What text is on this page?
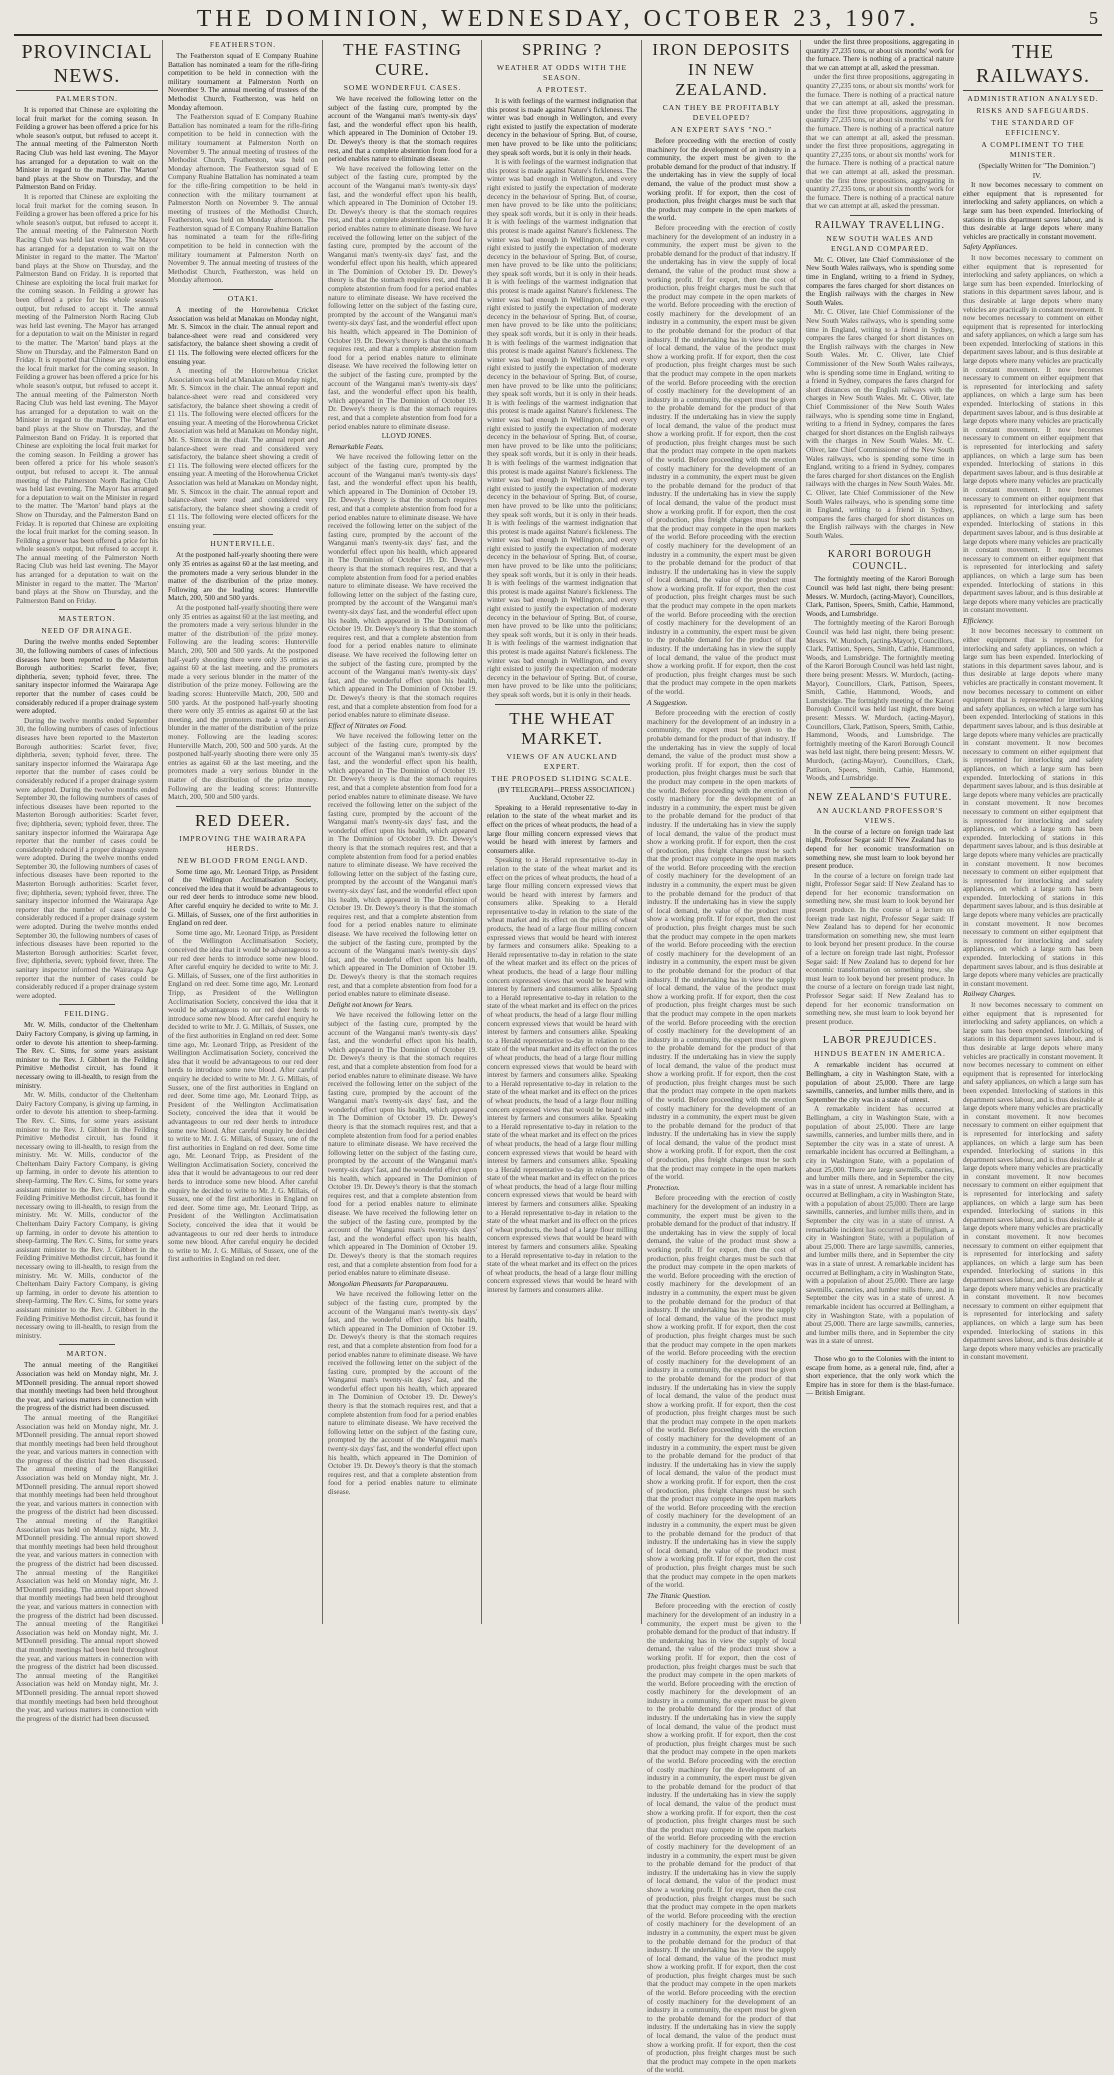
THE DOMINION, WEDNESDAY, OCTOBER 23, 1907.	5
PROVINCIAL NEWS.
PALMERSTON.

It is reported that Chinese are exploiting the local fruit market for the coming season. In Feilding a grower has been offered a price for his whole season's output, but refused to accept it. The annual meeting of the Palmerston North Racing Club was held last evening. The Mayor has arranged for a deputation to wait on the Minister in regard to the matter. The 'Marton' band plays at the Show on Thursday, and the Palmerston Band on Friday.

It is reported that Chinese are exploiting the local fruit market for the coming season. In Feilding a grower has been offered a price for his whole season's output, but refused to accept it. The annual meeting of the Palmerston North Racing Club was held last evening. The Mayor has arranged for a deputation to wait on the Minister in regard to the matter. The 'Marton' band plays at the Show on Thursday, and the Palmerston Band on Friday. It is reported that Chinese are exploiting the local fruit market for the coming season. In Feilding a grower has been offered a price for his whole season's output, but refused to accept it. The annual meeting of the Palmerston North Racing Club was held last evening. The Mayor has arranged for a deputation to wait on the Minister in regard to the matter. The 'Marton' band plays at the Show on Thursday, and the Palmerston Band on Friday. It is reported that Chinese are exploiting the local fruit market for the coming season. In Feilding a grower has been offered a price for his whole season's output, but refused to accept it. The annual meeting of the Palmerston North Racing Club was held last evening. The Mayor has arranged for a deputation to wait on the Minister in regard to the matter. The 'Marton' band plays at the Show on Thursday, and the Palmerston Band on Friday. It is reported that Chinese are exploiting the local fruit market for the coming season. In Feilding a grower has been offered a price for his whole season's output, but refused to accept it. The annual meeting of the Palmerston North Racing Club was held last evening. The Mayor has arranged for a deputation to wait on the Minister in regard to the matter. The 'Marton' band plays at the Show on Thursday, and the Palmerston Band on Friday. It is reported that Chinese are exploiting the local fruit market for the coming season. In Feilding a grower has been offered a price for his whole season's output, but refused to accept it. The annual meeting of the Palmerston North Racing Club was held last evening. The Mayor has arranged for a deputation to wait on the Minister in regard to the matter. The 'Marton' band plays at the Show on Thursday, and the Palmerston Band on Friday.

MASTERTON.
NEED OF DRAINAGE.

During the twelve months ended September 30, the following numbers of cases of infectious diseases have been reported to the Masterton Borough authorities: Scarlet fever, five; diphtheria, seven; typhoid fever, three. The sanitary inspector informed the Wairarapa Age reporter that the number of cases could be considerably reduced if a proper drainage system were adopted.

During the twelve months ended September 30, the following numbers of cases of infectious diseases have been reported to the Masterton Borough authorities: Scarlet fever, five; diphtheria, seven; typhoid fever, three. The sanitary inspector informed the Wairarapa Age reporter that the number of cases could be considerably reduced if a proper drainage system were adopted. During the twelve months ended September 30, the following numbers of cases of infectious diseases have been reported to the Masterton Borough authorities: Scarlet fever, five; diphtheria, seven; typhoid fever, three. The sanitary inspector informed the Wairarapa Age reporter that the number of cases could be considerably reduced if a proper drainage system were adopted. During the twelve months ended September 30, the following numbers of cases of infectious diseases have been reported to the Masterton Borough authorities: Scarlet fever, five; diphtheria, seven; typhoid fever, three. The sanitary inspector informed the Wairarapa Age reporter that the number of cases could be considerably reduced if a proper drainage system were adopted. During the twelve months ended September 30, the following numbers of cases of infectious diseases have been reported to the Masterton Borough authorities: Scarlet fever, five; diphtheria, seven; typhoid fever, three. The sanitary inspector informed the Wairarapa Age reporter that the number of cases could be considerably reduced if a proper drainage system were adopted.

FEILDING.

Mr. W. Mills, conductor of the Cheltenham Dairy Factory Company, is giving up farming, in order to devote his attention to sheep-farming. The Rev. C. Sims, for some years assistant minister to the Rev. J. Gibbert in the Feilding Primitive Methodist circuit, has found it necessary owing to ill-health, to resign from the ministry.

Mr. W. Mills, conductor of the Cheltenham Dairy Factory Company, is giving up farming, in order to devote his attention to sheep-farming. The Rev. C. Sims, for some years assistant minister to the Rev. J. Gibbert in the Feilding Primitive Methodist circuit, has found it necessary owing to ill-health, to resign from the ministry. Mr. W. Mills, conductor of the Cheltenham Dairy Factory Company, is giving up farming, in order to devote his attention to sheep-farming. The Rev. C. Sims, for some years assistant minister to the Rev. J. Gibbert in the Feilding Primitive Methodist circuit, has found it necessary owing to ill-health, to resign from the ministry. Mr. W. Mills, conductor of the Cheltenham Dairy Factory Company, is giving up farming, in order to devote his attention to sheep-farming. The Rev. C. Sims, for some years assistant minister to the Rev. J. Gibbert in the Feilding Primitive Methodist circuit, has found it necessary owing to ill-health, to resign from the ministry. Mr. W. Mills, conductor of the Cheltenham Dairy Factory Company, is giving up farming, in order to devote his attention to sheep-farming. The Rev. C. Sims, for some years assistant minister to the Rev. J. Gibbert in the Feilding Primitive Methodist circuit, has found it necessary owing to ill-health, to resign from the ministry.

MARTON.

The annual meeting of the Rangitikei Association was held on Monday night, Mr. J. M'Donnell presiding. The annual report showed that monthly meetings had been held throughout the year, and various matters in connection with the progress of the district had been discussed.

The annual meeting of the Rangitikei Association was held on Monday night, Mr. J. M'Donnell presiding. The annual report showed that monthly meetings had been held throughout the year, and various matters in connection with the progress of the district had been discussed. The annual meeting of the Rangitikei Association was held on Monday night, Mr. J. M'Donnell presiding. The annual report showed that monthly meetings had been held throughout the year, and various matters in connection with the progress of the district had been discussed. The annual meeting of the Rangitikei Association was held on Monday night, Mr. J. M'Donnell presiding. The annual report showed that monthly meetings had been held throughout the year, and various matters in connection with the progress of the district had been discussed. The annual meeting of the Rangitikei Association was held on Monday night, Mr. J. M'Donnell presiding. The annual report showed that monthly meetings had been held throughout the year, and various matters in connection with the progress of the district had been discussed. The annual meeting of the Rangitikei Association was held on Monday night, Mr. J. M'Donnell presiding. The annual report showed that monthly meetings had been held throughout the year, and various matters in connection with the progress of the district had been discussed. The annual meeting of the Rangitikei Association was held on Monday night, Mr. J. M'Donnell presiding. The annual report showed that monthly meetings had been held throughout the year, and various matters in connection with the progress of the district had been discussed.

FEATHERSTON.

The Featherston squad of E Company Ruahine Battalion has nominated a team for the rifle-firing competition to be held in connection with the military tournament at Palmerston North on November 9. The annual meeting of trustees of the Methodist Church, Featherston, was held on Monday afternoon.

The Featherston squad of E Company Ruahine Battalion has nominated a team for the rifle-firing competition to be held in connection with the military tournament at Palmerston North on November 9. The annual meeting of trustees of the Methodist Church, Featherston, was held on Monday afternoon. The Featherston squad of E Company Ruahine Battalion has nominated a team for the rifle-firing competition to be held in connection with the military tournament at Palmerston North on November 9. The annual meeting of trustees of the Methodist Church, Featherston, was held on Monday afternoon. The Featherston squad of E Company Ruahine Battalion has nominated a team for the rifle-firing competition to be held in connection with the military tournament at Palmerston North on November 9. The annual meeting of trustees of the Methodist Church, Featherston, was held on Monday afternoon.

OTAKI.

A meeting of the Horowhenua Cricket Association was held at Manakau on Monday night, Mr. S. Simcox in the chair. The annual report and balance-sheet were read and considered very satisfactory, the balance sheet showing a credit of £1 11s. The following were elected officers for the ensuing year.

A meeting of the Horowhenua Cricket Association was held at Manakau on Monday night, Mr. S. Simcox in the chair. The annual report and balance-sheet were read and considered very satisfactory, the balance sheet showing a credit of £1 11s. The following were elected officers for the ensuing year. A meeting of the Horowhenua Cricket Association was held at Manakau on Monday night, Mr. S. Simcox in the chair. The annual report and balance-sheet were read and considered very satisfactory, the balance sheet showing a credit of £1 11s. The following were elected officers for the ensuing year. A meeting of the Horowhenua Cricket Association was held at Manakau on Monday night, Mr. S. Simcox in the chair. The annual report and balance-sheet were read and considered very satisfactory, the balance sheet showing a credit of £1 11s. The following were elected officers for the ensuing year.

HUNTERVILLE.

At the postponed half-yearly shooting there were only 35 entries as against 60 at the last meeting, and the promoters made a very serious blunder in the matter of the distribution of the prize money. Following are the leading scores: Hunterville Match, 200, 500 and 500 yards.

At the postponed half-yearly shooting there were only 35 entries as against 60 at the last meeting, and the promoters made a very serious blunder in the matter of the distribution of the prize money. Following are the leading scores: Hunterville Match, 200, 500 and 500 yards. At the postponed half-yearly shooting there were only 35 entries as against 60 at the last meeting, and the promoters made a very serious blunder in the matter of the distribution of the prize money. Following are the leading scores: Hunterville Match, 200, 500 and 500 yards. At the postponed half-yearly shooting there were only 35 entries as against 60 at the last meeting, and the promoters made a very serious blunder in the matter of the distribution of the prize money. Following are the leading scores: Hunterville Match, 200, 500 and 500 yards. At the postponed half-yearly shooting there were only 35 entries as against 60 at the last meeting, and the promoters made a very serious blunder in the matter of the distribution of the prize money. Following are the leading scores: Hunterville Match, 200, 500 and 500 yards.

RED DEER.
IMPROVING THE WAIRARAPA HERDS.
NEW BLOOD FROM ENGLAND.

Some time ago, Mr. Leonard Tripp, as President of the Wellington Acclimatisation Society, conceived the idea that it would be advantageous to our red deer herds to introduce some new blood. After careful enquiry he decided to write to Mr. J. G. Millais, of Sussex, one of the first authorities in England on red deer.

Some time ago, Mr. Leonard Tripp, as President of the Wellington Acclimatisation Society, conceived the idea that it would be advantageous to our red deer herds to introduce some new blood. After careful enquiry he decided to write to Mr. J. G. Millais, of Sussex, one of the first authorities in England on red deer. Some time ago, Mr. Leonard Tripp, as President of the Wellington Acclimatisation Society, conceived the idea that it would be advantageous to our red deer herds to introduce some new blood. After careful enquiry he decided to write to Mr. J. G. Millais, of Sussex, one of the first authorities in England on red deer. Some time ago, Mr. Leonard Tripp, as President of the Wellington Acclimatisation Society, conceived the idea that it would be advantageous to our red deer herds to introduce some new blood. After careful enquiry he decided to write to Mr. J. G. Millais, of Sussex, one of the first authorities in England on red deer. Some time ago, Mr. Leonard Tripp, as President of the Wellington Acclimatisation Society, conceived the idea that it would be advantageous to our red deer herds to introduce some new blood. After careful enquiry he decided to write to Mr. J. G. Millais, of Sussex, one of the first authorities in England on red deer. Some time ago, Mr. Leonard Tripp, as President of the Wellington Acclimatisation Society, conceived the idea that it would be advantageous to our red deer herds to introduce some new blood. After careful enquiry he decided to write to Mr. J. G. Millais, of Sussex, one of the first authorities in England on red deer. Some time ago, Mr. Leonard Tripp, as President of the Wellington Acclimatisation Society, conceived the idea that it would be advantageous to our red deer herds to introduce some new blood. After careful enquiry he decided to write to Mr. J. G. Millais, of Sussex, one of the first authorities in England on red deer.

THE FASTING CURE.
SOME WONDERFUL CASES.

We have received the following letter on the subject of the fasting cure, prompted by the account of the Wanganui man's twenty-six days' fast, and the wonderful effect upon his health, which appeared in The Dominion of October 19. Dr. Dewey's theory is that the stomach requires rest, and that a complete abstention from food for a period enables nature to eliminate disease.

We have received the following letter on the subject of the fasting cure, prompted by the account of the Wanganui man's twenty-six days' fast, and the wonderful effect upon his health, which appeared in The Dominion of October 19. Dr. Dewey's theory is that the stomach requires rest, and that a complete abstention from food for a period enables nature to eliminate disease. We have received the following letter on the subject of the fasting cure, prompted by the account of the Wanganui man's twenty-six days' fast, and the wonderful effect upon his health, which appeared in The Dominion of October 19. Dr. Dewey's theory is that the stomach requires rest, and that a complete abstention from food for a period enables nature to eliminate disease. We have received the following letter on the subject of the fasting cure, prompted by the account of the Wanganui man's twenty-six days' fast, and the wonderful effect upon his health, which appeared in The Dominion of October 19. Dr. Dewey's theory is that the stomach requires rest, and that a complete abstention from food for a period enables nature to eliminate disease. We have received the following letter on the subject of the fasting cure, prompted by the account of the Wanganui man's twenty-six days' fast, and the wonderful effect upon his health, which appeared in The Dominion of October 19. Dr. Dewey's theory is that the stomach requires rest, and that a complete abstention from food for a period enables nature to eliminate disease.

LLOYD JONES.

Remarkable Feats.

We have received the following letter on the subject of the fasting cure, prompted by the account of the Wanganui man's twenty-six days' fast, and the wonderful effect upon his health, which appeared in The Dominion of October 19. Dr. Dewey's theory is that the stomach requires rest, and that a complete abstention from food for a period enables nature to eliminate disease. We have received the following letter on the subject of the fasting cure, prompted by the account of the Wanganui man's twenty-six days' fast, and the wonderful effect upon his health, which appeared in The Dominion of October 19. Dr. Dewey's theory is that the stomach requires rest, and that a complete abstention from food for a period enables nature to eliminate disease. We have received the following letter on the subject of the fasting cure, prompted by the account of the Wanganui man's twenty-six days' fast, and the wonderful effect upon his health, which appeared in The Dominion of October 19. Dr. Dewey's theory is that the stomach requires rest, and that a complete abstention from food for a period enables nature to eliminate disease. We have received the following letter on the subject of the fasting cure, prompted by the account of the Wanganui man's twenty-six days' fast, and the wonderful effect upon his health, which appeared in The Dominion of October 19. Dr. Dewey's theory is that the stomach requires rest, and that a complete abstention from food for a period enables nature to eliminate disease.

Effect of Nitrates on Food.

We have received the following letter on the subject of the fasting cure, prompted by the account of the Wanganui man's twenty-six days' fast, and the wonderful effect upon his health, which appeared in The Dominion of October 19. Dr. Dewey's theory is that the stomach requires rest, and that a complete abstention from food for a period enables nature to eliminate disease. We have received the following letter on the subject of the fasting cure, prompted by the account of the Wanganui man's twenty-six days' fast, and the wonderful effect upon his health, which appeared in The Dominion of October 19. Dr. Dewey's theory is that the stomach requires rest, and that a complete abstention from food for a period enables nature to eliminate disease. We have received the following letter on the subject of the fasting cure, prompted by the account of the Wanganui man's twenty-six days' fast, and the wonderful effect upon his health, which appeared in The Dominion of October 19. Dr. Dewey's theory is that the stomach requires rest, and that a complete abstention from food for a period enables nature to eliminate disease. We have received the following letter on the subject of the fasting cure, prompted by the account of the Wanganui man's twenty-six days' fast, and the wonderful effect upon his health, which appeared in The Dominion of October 19. Dr. Dewey's theory is that the stomach requires rest, and that a complete abstention from food for a period enables nature to eliminate disease.

Delight not known for Years.

We have received the following letter on the subject of the fasting cure, prompted by the account of the Wanganui man's twenty-six days' fast, and the wonderful effect upon his health, which appeared in The Dominion of October 19. Dr. Dewey's theory is that the stomach requires rest, and that a complete abstention from food for a period enables nature to eliminate disease. We have received the following letter on the subject of the fasting cure, prompted by the account of the Wanganui man's twenty-six days' fast, and the wonderful effect upon his health, which appeared in The Dominion of October 19. Dr. Dewey's theory is that the stomach requires rest, and that a complete abstention from food for a period enables nature to eliminate disease. We have received the following letter on the subject of the fasting cure, prompted by the account of the Wanganui man's twenty-six days' fast, and the wonderful effect upon his health, which appeared in The Dominion of October 19. Dr. Dewey's theory is that the stomach requires rest, and that a complete abstention from food for a period enables nature to eliminate disease. We have received the following letter on the subject of the fasting cure, prompted by the account of the Wanganui man's twenty-six days' fast, and the wonderful effect upon his health, which appeared in The Dominion of October 19. Dr. Dewey's theory is that the stomach requires rest, and that a complete abstention from food for a period enables nature to eliminate disease.

Mongolian Pheasants for Paraparaumu.

We have received the following letter on the subject of the fasting cure, prompted by the account of the Wanganui man's twenty-six days' fast, and the wonderful effect upon his health, which appeared in The Dominion of October 19. Dr. Dewey's theory is that the stomach requires rest, and that a complete abstention from food for a period enables nature to eliminate disease. We have received the following letter on the subject of the fasting cure, prompted by the account of the Wanganui man's twenty-six days' fast, and the wonderful effect upon his health, which appeared in The Dominion of October 19. Dr. Dewey's theory is that the stomach requires rest, and that a complete abstention from food for a period enables nature to eliminate disease. We have received the following letter on the subject of the fasting cure, prompted by the account of the Wanganui man's twenty-six days' fast, and the wonderful effect upon his health, which appeared in The Dominion of October 19. Dr. Dewey's theory is that the stomach requires rest, and that a complete abstention from food for a period enables nature to eliminate disease.

SPRING ?
WEATHER AT ODDS WITH THE SEASON.
A PROTEST.

It is with feelings of the warmest indignation that this protest is made against Nature's fickleness. The winter was bad enough in Wellington, and every right existed to justify the expectation of moderate decency in the behaviour of Spring. But, of course, men have proved to be like unto the politicians; they speak soft words, but it is only in their heads.

It is with feelings of the warmest indignation that this protest is made against Nature's fickleness. The winter was bad enough in Wellington, and every right existed to justify the expectation of moderate decency in the behaviour of Spring. But, of course, men have proved to be like unto the politicians; they speak soft words, but it is only in their heads. It is with feelings of the warmest indignation that this protest is made against Nature's fickleness. The winter was bad enough in Wellington, and every right existed to justify the expectation of moderate decency in the behaviour of Spring. But, of course, men have proved to be like unto the politicians; they speak soft words, but it is only in their heads. It is with feelings of the warmest indignation that this protest is made against Nature's fickleness. The winter was bad enough in Wellington, and every right existed to justify the expectation of moderate decency in the behaviour of Spring. But, of course, men have proved to be like unto the politicians; they speak soft words, but it is only in their heads. It is with feelings of the warmest indignation that this protest is made against Nature's fickleness. The winter was bad enough in Wellington, and every right existed to justify the expectation of moderate decency in the behaviour of Spring. But, of course, men have proved to be like unto the politicians; they speak soft words, but it is only in their heads. It is with feelings of the warmest indignation that this protest is made against Nature's fickleness. The winter was bad enough in Wellington, and every right existed to justify the expectation of moderate decency in the behaviour of Spring. But, of course, men have proved to be like unto the politicians; they speak soft words, but it is only in their heads. It is with feelings of the warmest indignation that this protest is made against Nature's fickleness. The winter was bad enough in Wellington, and every right existed to justify the expectation of moderate decency in the behaviour of Spring. But, of course, men have proved to be like unto the politicians; they speak soft words, but it is only in their heads. It is with feelings of the warmest indignation that this protest is made against Nature's fickleness. The winter was bad enough in Wellington, and every right existed to justify the expectation of moderate decency in the behaviour of Spring. But, of course, men have proved to be like unto the politicians; they speak soft words, but it is only in their heads. It is with feelings of the warmest indignation that this protest is made against Nature's fickleness. The winter was bad enough in Wellington, and every right existed to justify the expectation of moderate decency in the behaviour of Spring. But, of course, men have proved to be like unto the politicians; they speak soft words, but it is only in their heads. It is with feelings of the warmest indignation that this protest is made against Nature's fickleness. The winter was bad enough in Wellington, and every right existed to justify the expectation of moderate decency in the behaviour of Spring. But, of course, men have proved to be like unto the politicians; they speak soft words, but it is only in their heads.

THE WHEAT MARKET.
VIEWS OF AN AUCKLAND EXPERT.
THE PROPOSED SLIDING SCALE.

(BY TELEGRAPH—PRESS ASSOCIATION.) Auckland, October 22.

Speaking to a Herald representative to-day in relation to the state of the wheat market and its effect on the prices of wheat products, the head of a large flour milling concern expressed views that would be heard with interest by farmers and consumers alike.

Speaking to a Herald representative to-day in relation to the state of the wheat market and its effect on the prices of wheat products, the head of a large flour milling concern expressed views that would be heard with interest by farmers and consumers alike. Speaking to a Herald representative to-day in relation to the state of the wheat market and its effect on the prices of wheat products, the head of a large flour milling concern expressed views that would be heard with interest by farmers and consumers alike. Speaking to a Herald representative to-day in relation to the state of the wheat market and its effect on the prices of wheat products, the head of a large flour milling concern expressed views that would be heard with interest by farmers and consumers alike. Speaking to a Herald representative to-day in relation to the state of the wheat market and its effect on the prices of wheat products, the head of a large flour milling concern expressed views that would be heard with interest by farmers and consumers alike. Speaking to a Herald representative to-day in relation to the state of the wheat market and its effect on the prices of wheat products, the head of a large flour milling concern expressed views that would be heard with interest by farmers and consumers alike. Speaking to a Herald representative to-day in relation to the state of the wheat market and its effect on the prices of wheat products, the head of a large flour milling concern expressed views that would be heard with interest by farmers and consumers alike. Speaking to a Herald representative to-day in relation to the state of the wheat market and its effect on the prices of wheat products, the head of a large flour milling concern expressed views that would be heard with interest by farmers and consumers alike. Speaking to a Herald representative to-day in relation to the state of the wheat market and its effect on the prices of wheat products, the head of a large flour milling concern expressed views that would be heard with interest by farmers and consumers alike. Speaking to a Herald representative to-day in relation to the state of the wheat market and its effect on the prices of wheat products, the head of a large flour milling concern expressed views that would be heard with interest by farmers and consumers alike. Speaking to a Herald representative to-day in relation to the state of the wheat market and its effect on the prices of wheat products, the head of a large flour milling concern expressed views that would be heard with interest by farmers and consumers alike.

IRON DEPOSITS IN NEW ZEALAND.
CAN THEY BE PROFITABLY DEVELOPED?
AN EXPERT SAYS "NO."

Before proceeding with the erection of costly machinery for the development of an industry in a community, the expert must be given to the probable demand for the product of that industry. If the undertaking has in view the supply of local demand, the value of the product must show a working profit. If for export, then the cost of production, plus freight charges must be such that the product may compete in the open markets of the world.

Before proceeding with the erection of costly machinery for the development of an industry in a community, the expert must be given to the probable demand for the product of that industry. If the undertaking has in view the supply of local demand, the value of the product must show a working profit. If for export, then the cost of production, plus freight charges must be such that the product may compete in the open markets of the world. Before proceeding with the erection of costly machinery for the development of an industry in a community, the expert must be given to the probable demand for the product of that industry. If the undertaking has in view the supply of local demand, the value of the product must show a working profit. If for export, then the cost of production, plus freight charges must be such that the product may compete in the open markets of the world. Before proceeding with the erection of costly machinery for the development of an industry in a community, the expert must be given to the probable demand for the product of that industry. If the undertaking has in view the supply of local demand, the value of the product must show a working profit. If for export, then the cost of production, plus freight charges must be such that the product may compete in the open markets of the world. Before proceeding with the erection of costly machinery for the development of an industry in a community, the expert must be given to the probable demand for the product of that industry. If the undertaking has in view the supply of local demand, the value of the product must show a working profit. If for export, then the cost of production, plus freight charges must be such that the product may compete in the open markets of the world. Before proceeding with the erection of costly machinery for the development of an industry in a community, the expert must be given to the probable demand for the product of that industry. If the undertaking has in view the supply of local demand, the value of the product must show a working profit. If for export, then the cost of production, plus freight charges must be such that the product may compete in the open markets of the world. Before proceeding with the erection of costly machinery for the development of an industry in a community, the expert must be given to the probable demand for the product of that industry. If the undertaking has in view the supply of local demand, the value of the product must show a working profit. If for export, then the cost of production, plus freight charges must be such that the product may compete in the open markets of the world.

A Suggestion.

Before proceeding with the erection of costly machinery for the development of an industry in a community, the expert must be given to the probable demand for the product of that industry. If the undertaking has in view the supply of local demand, the value of the product must show a working profit. If for export, then the cost of production, plus freight charges must be such that the product may compete in the open markets of the world. Before proceeding with the erection of costly machinery for the development of an industry in a community, the expert must be given to the probable demand for the product of that industry. If the undertaking has in view the supply of local demand, the value of the product must show a working profit. If for export, then the cost of production, plus freight charges must be such that the product may compete in the open markets of the world. Before proceeding with the erection of costly machinery for the development of an industry in a community, the expert must be given to the probable demand for the product of that industry. If the undertaking has in view the supply of local demand, the value of the product must show a working profit. If for export, then the cost of production, plus freight charges must be such that the product may compete in the open markets of the world. Before proceeding with the erection of costly machinery for the development of an industry in a community, the expert must be given to the probable demand for the product of that industry. If the undertaking has in view the supply of local demand, the value of the product must show a working profit. If for export, then the cost of production, plus freight charges must be such that the product may compete in the open markets of the world. Before proceeding with the erection of costly machinery for the development of an industry in a community, the expert must be given to the probable demand for the product of that industry. If the undertaking has in view the supply of local demand, the value of the product must show a working profit. If for export, then the cost of production, plus freight charges must be such that the product may compete in the open markets of the world. Before proceeding with the erection of costly machinery for the development of an industry in a community, the expert must be given to the probable demand for the product of that industry. If the undertaking has in view the supply of local demand, the value of the product must show a working profit. If for export, then the cost of production, plus freight charges must be such that the product may compete in the open markets of the world.

Protection.

Before proceeding with the erection of costly machinery for the development of an industry in a community, the expert must be given to the probable demand for the product of that industry. If the undertaking has in view the supply of local demand, the value of the product must show a working profit. If for export, then the cost of production, plus freight charges must be such that the product may compete in the open markets of the world. Before proceeding with the erection of costly machinery for the development of an industry in a community, the expert must be given to the probable demand for the product of that industry. If the undertaking has in view the supply of local demand, the value of the product must show a working profit. If for export, then the cost of production, plus freight charges must be such that the product may compete in the open markets of the world. Before proceeding with the erection of costly machinery for the development of an industry in a community, the expert must be given to the probable demand for the product of that industry. If the undertaking has in view the supply of local demand, the value of the product must show a working profit. If for export, then the cost of production, plus freight charges must be such that the product may compete in the open markets of the world. Before proceeding with the erection of costly machinery for the development of an industry in a community, the expert must be given to the probable demand for the product of that industry. If the undertaking has in view the supply of local demand, the value of the product must show a working profit. If for export, then the cost of production, plus freight charges must be such that the product may compete in the open markets of the world. Before proceeding with the erection of costly machinery for the development of an industry in a community, the expert must be given to the probable demand for the product of that industry. If the undertaking has in view the supply of local demand, the value of the product must show a working profit. If for export, then the cost of production, plus freight charges must be such that the product may compete in the open markets of the world.

The Titanic Question.

Before proceeding with the erection of costly machinery for the development of an industry in a community, the expert must be given to the probable demand for the product of that industry. If the undertaking has in view the supply of local demand, the value of the product must show a working profit. If for export, then the cost of production, plus freight charges must be such that the product may compete in the open markets of the world. Before proceeding with the erection of costly machinery for the development of an industry in a community, the expert must be given to the probable demand for the product of that industry. If the undertaking has in view the supply of local demand, the value of the product must show a working profit. If for export, then the cost of production, plus freight charges must be such that the product may compete in the open markets of the world. Before proceeding with the erection of costly machinery for the development of an industry in a community, the expert must be given to the probable demand for the product of that industry. If the undertaking has in view the supply of local demand, the value of the product must show a working profit. If for export, then the cost of production, plus freight charges must be such that the product may compete in the open markets of the world. Before proceeding with the erection of costly machinery for the development of an industry in a community, the expert must be given to the probable demand for the product of that industry. If the undertaking has in view the supply of local demand, the value of the product must show a working profit. If for export, then the cost of production, plus freight charges must be such that the product may compete in the open markets of the world. Before proceeding with the erection of costly machinery for the development of an industry in a community, the expert must be given to the probable demand for the product of that industry. If the undertaking has in view the supply of local demand, the value of the product must show a working profit. If for export, then the cost of production, plus freight charges must be such that the product may compete in the open markets of the world. Before proceeding with the erection of costly machinery for the development of an industry in a community, the expert must be given to the probable demand for the product of that industry. If the undertaking has in view the supply of local demand, the value of the product must show a working profit. If for export, then the cost of production, plus freight charges must be such that the product may compete in the open markets of the world.

under the first three propositions, aggregating in quantity 27,235 tons, or about six months' work for the furnace. There is nothing of a practical nature that we can attempt at all, asked the pressman.

under the first three propositions, aggregating in quantity 27,235 tons, or about six months' work for the furnace. There is nothing of a practical nature that we can attempt at all, asked the pressman. under the first three propositions, aggregating in quantity 27,235 tons, or about six months' work for the furnace. There is nothing of a practical nature that we can attempt at all, asked the pressman. under the first three propositions, aggregating in quantity 27,235 tons, or about six months' work for the furnace. There is nothing of a practical nature that we can attempt at all, asked the pressman. under the first three propositions, aggregating in quantity 27,235 tons, or about six months' work for the furnace. There is nothing of a practical nature that we can attempt at all, asked the pressman.

RAILWAY TRAVELLING.
NEW SOUTH WALES AND ENGLAND COMPARED.

Mr. C. Oliver, late Chief Commissioner of the New South Wales railways, who is spending some time in England, writing to a friend in Sydney, compares the fares charged for short distances on the English railways with the charges in New South Wales.

Mr. C. Oliver, late Chief Commissioner of the New South Wales railways, who is spending some time in England, writing to a friend in Sydney, compares the fares charged for short distances on the English railways with the charges in New South Wales. Mr. C. Oliver, late Chief Commissioner of the New South Wales railways, who is spending some time in England, writing to a friend in Sydney, compares the fares charged for short distances on the English railways with the charges in New South Wales. Mr. C. Oliver, late Chief Commissioner of the New South Wales railways, who is spending some time in England, writing to a friend in Sydney, compares the fares charged for short distances on the English railways with the charges in New South Wales. Mr. C. Oliver, late Chief Commissioner of the New South Wales railways, who is spending some time in England, writing to a friend in Sydney, compares the fares charged for short distances on the English railways with the charges in New South Wales. Mr. C. Oliver, late Chief Commissioner of the New South Wales railways, who is spending some time in England, writing to a friend in Sydney, compares the fares charged for short distances on the English railways with the charges in New South Wales.

KARORI BOROUGH COUNCIL.

The fortnightly meeting of the Karori Borough Council was held last night, there being present: Messrs. W. Murdoch, (acting-Mayor), Councillors, Clark, Pattison, Speers, Smith, Cathie, Hammond, Woods, and Lumsbridge.

The fortnightly meeting of the Karori Borough Council was held last night, there being present: Messrs. W. Murdoch, (acting-Mayor), Councillors, Clark, Pattison, Speers, Smith, Cathie, Hammond, Woods, and Lumsbridge. The fortnightly meeting of the Karori Borough Council was held last night, there being present: Messrs. W. Murdoch, (acting-Mayor), Councillors, Clark, Pattison, Speers, Smith, Cathie, Hammond, Woods, and Lumsbridge. The fortnightly meeting of the Karori Borough Council was held last night, there being present: Messrs. W. Murdoch, (acting-Mayor), Councillors, Clark, Pattison, Speers, Smith, Cathie, Hammond, Woods, and Lumsbridge. The fortnightly meeting of the Karori Borough Council was held last night, there being present: Messrs. W. Murdoch, (acting-Mayor), Councillors, Clark, Pattison, Speers, Smith, Cathie, Hammond, Woods, and Lumsbridge.

NEW ZEALAND'S FUTURE.
AN AUCKLAND PROFESSOR'S VIEWS.

In the course of a lecture on foreign trade last night, Professor Segar said: If New Zealand has to depend for her economic transformation on something new, she must learn to look beyond her present produce.

In the course of a lecture on foreign trade last night, Professor Segar said: If New Zealand has to depend for her economic transformation on something new, she must learn to look beyond her present produce. In the course of a lecture on foreign trade last night, Professor Segar said: If New Zealand has to depend for her economic transformation on something new, she must learn to look beyond her present produce. In the course of a lecture on foreign trade last night, Professor Segar said: If New Zealand has to depend for her economic transformation on something new, she must learn to look beyond her present produce. In the course of a lecture on foreign trade last night, Professor Segar said: If New Zealand has to depend for her economic transformation on something new, she must learn to look beyond her present produce.

LABOR PREJUDICES.
HINDUS BEATEN IN AMERICA.

A remarkable incident has occurred at Bellingham, a city in Washington State, with a population of about 25,000. There are large sawmills, canneries, and lumber mills there, and in September the city was in a state of unrest.

A remarkable incident has occurred at Bellingham, a city in Washington State, with a population of about 25,000. There are large sawmills, canneries, and lumber mills there, and in September the city was in a state of unrest. A remarkable incident has occurred at Bellingham, a city in Washington State, with a population of about 25,000. There are large sawmills, canneries, and lumber mills there, and in September the city was in a state of unrest. A remarkable incident has occurred at Bellingham, a city in Washington State, with a population of about 25,000. There are large sawmills, canneries, and lumber mills there, and in September the city was in a state of unrest. A remarkable incident has occurred at Bellingham, a city in Washington State, with a population of about 25,000. There are large sawmills, canneries, and lumber mills there, and in September the city was in a state of unrest. A remarkable incident has occurred at Bellingham, a city in Washington State, with a population of about 25,000. There are large sawmills, canneries, and lumber mills there, and in September the city was in a state of unrest. A remarkable incident has occurred at Bellingham, a city in Washington State, with a population of about 25,000. There are large sawmills, canneries, and lumber mills there, and in September the city was in a state of unrest.

Those who go to the Colonies with the intent to escape from home, as a general rule, find, after a short experience, that the only work which the Empire has in store for them is the blast-furnace. — British Emigrant.

THE RAILWAYS.
ADMINISTRATION ANALYSED.
RISKS AND SAFEGUARDS.
THE STANDARD OF EFFICIENCY.
A COMPLIMENT TO THE MINISTER.

(Specially Written for "The Dominion.")

IV.

It now becomes necessary to comment on either equipment that is represented for interlocking and safety appliances, on which a large sum has been expended. Interlocking of stations in this department saves labour, and is thus desirable at large depots where many vehicles are practically in constant movement.

Safety Appliances.

It now becomes necessary to comment on either equipment that is represented for interlocking and safety appliances, on which a large sum has been expended. Interlocking of stations in this department saves labour, and is thus desirable at large depots where many vehicles are practically in constant movement. It now becomes necessary to comment on either equipment that is represented for interlocking and safety appliances, on which a large sum has been expended. Interlocking of stations in this department saves labour, and is thus desirable at large depots where many vehicles are practically in constant movement. It now becomes necessary to comment on either equipment that is represented for interlocking and safety appliances, on which a large sum has been expended. Interlocking of stations in this department saves labour, and is thus desirable at large depots where many vehicles are practically in constant movement. It now becomes necessary to comment on either equipment that is represented for interlocking and safety appliances, on which a large sum has been expended. Interlocking of stations in this department saves labour, and is thus desirable at large depots where many vehicles are practically in constant movement. It now becomes necessary to comment on either equipment that is represented for interlocking and safety appliances, on which a large sum has been expended. Interlocking of stations in this department saves labour, and is thus desirable at large depots where many vehicles are practically in constant movement. It now becomes necessary to comment on either equipment that is represented for interlocking and safety appliances, on which a large sum has been expended. Interlocking of stations in this department saves labour, and is thus desirable at large depots where many vehicles are practically in constant movement.

Efficiency.

It now becomes necessary to comment on either equipment that is represented for interlocking and safety appliances, on which a large sum has been expended. Interlocking of stations in this department saves labour, and is thus desirable at large depots where many vehicles are practically in constant movement. It now becomes necessary to comment on either equipment that is represented for interlocking and safety appliances, on which a large sum has been expended. Interlocking of stations in this department saves labour, and is thus desirable at large depots where many vehicles are practically in constant movement. It now becomes necessary to comment on either equipment that is represented for interlocking and safety appliances, on which a large sum has been expended. Interlocking of stations in this department saves labour, and is thus desirable at large depots where many vehicles are practically in constant movement. It now becomes necessary to comment on either equipment that is represented for interlocking and safety appliances, on which a large sum has been expended. Interlocking of stations in this department saves labour, and is thus desirable at large depots where many vehicles are practically in constant movement. It now becomes necessary to comment on either equipment that is represented for interlocking and safety appliances, on which a large sum has been expended. Interlocking of stations in this department saves labour, and is thus desirable at large depots where many vehicles are practically in constant movement. It now becomes necessary to comment on either equipment that is represented for interlocking and safety appliances, on which a large sum has been expended. Interlocking of stations in this department saves labour, and is thus desirable at large depots where many vehicles are practically in constant movement.

Railway Charges.

It now becomes necessary to comment on either equipment that is represented for interlocking and safety appliances, on which a large sum has been expended. Interlocking of stations in this department saves labour, and is thus desirable at large depots where many vehicles are practically in constant movement. It now becomes necessary to comment on either equipment that is represented for interlocking and safety appliances, on which a large sum has been expended. Interlocking of stations in this department saves labour, and is thus desirable at large depots where many vehicles are practically in constant movement. It now becomes necessary to comment on either equipment that is represented for interlocking and safety appliances, on which a large sum has been expended. Interlocking of stations in this department saves labour, and is thus desirable at large depots where many vehicles are practically in constant movement. It now becomes necessary to comment on either equipment that is represented for interlocking and safety appliances, on which a large sum has been expended. Interlocking of stations in this department saves labour, and is thus desirable at large depots where many vehicles are practically in constant movement. It now becomes necessary to comment on either equipment that is represented for interlocking and safety appliances, on which a large sum has been expended. Interlocking of stations in this department saves labour, and is thus desirable at large depots where many vehicles are practically in constant movement. It now becomes necessary to comment on either equipment that is represented for interlocking and safety appliances, on which a large sum has been expended. Interlocking of stations in this department saves labour, and is thus desirable at large depots where many vehicles are practically in constant movement.
